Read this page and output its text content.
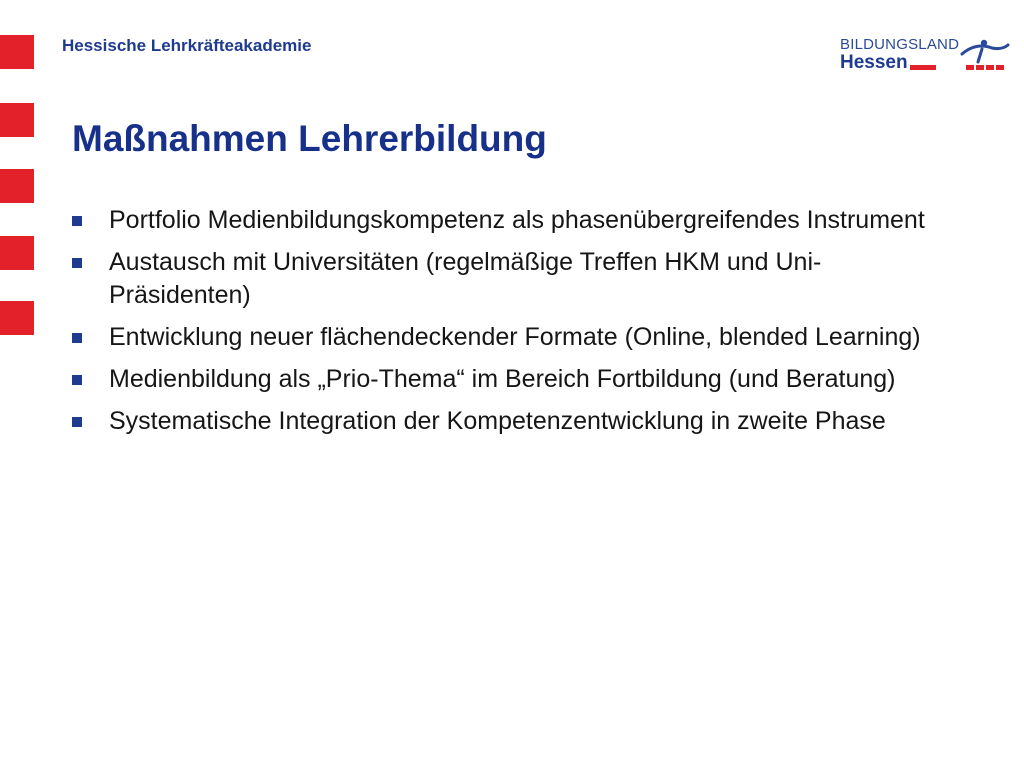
Hessische Lehrkräfteakademie	BILDUNGSLAND
Hessen
Maßnahmen Lehrerbildung
Portfolio Medienbildungskompetenz als phasenübergreifendes Instrument
Austausch mit Universitäten (regelmäßige Treffen HKM und Uni-Präsidenten)
Entwicklung neuer flächendeckender Formate (Online, blended Learning)
Medienbildung als „Prio-Thema“ im Bereich Fortbildung (und Beratung)
Systematische Integration der Kompetenzentwicklung in zweite Phase
